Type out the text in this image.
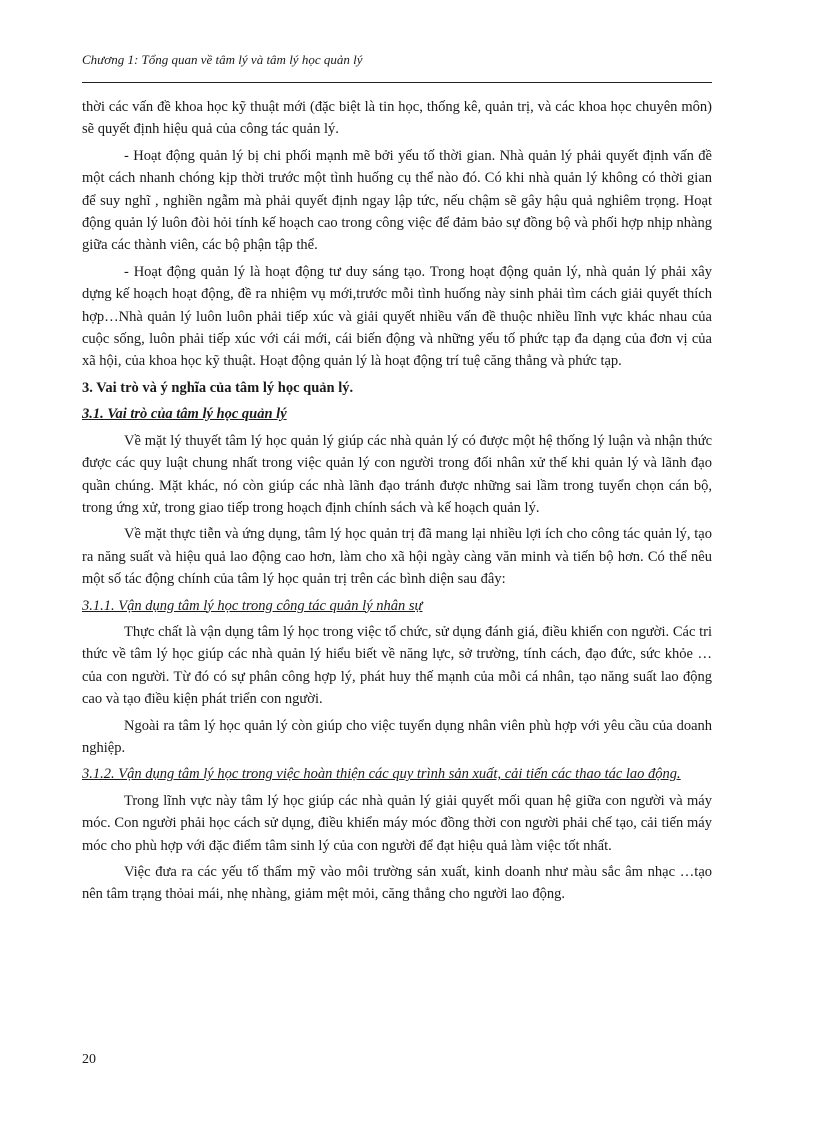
Chương 1: Tổng quan về tâm lý và tâm lý học quản lý

thời các vấn đề khoa học kỹ thuật mới (đặc biệt là tin học, thống kê, quản trị, và các khoa học chuyên môn) sẽ quyết định hiệu quả của công tác quản lý.

- Hoạt động quản lý bị chi phối mạnh mẽ bởi yếu tố thời gian. Nhà quản lý phải quyết định vấn đề một cách nhanh chóng kịp thời trước một tình huống cụ thể nào đó. Có khi nhà quản lý không có thời gian để suy nghĩ , nghiền ngẫm mà phải quyết định ngay lập tức, nếu chậm sẽ gây hậu quả nghiêm trọng. Hoạt động quản lý luôn đòi hỏi tính kế hoạch cao trong công việc để đảm bảo sự đồng bộ và phối hợp nhịp nhàng giữa các thành viên, các bộ phận tập thể.

- Hoạt động quản lý là hoạt động tư duy sáng tạo. Trong hoạt động quản lý, nhà quản lý phải xây dựng kế hoạch hoạt động, đề ra nhiệm vụ mới,trước mỗi tình huống này sinh phải tìm cách giải quyết thích hợp…Nhà quản lý luôn luôn phải tiếp xúc và giải quyết nhiều vấn đề thuộc nhiều lĩnh vực khác nhau của cuộc sống, luôn phải tiếp xúc với cái mới, cái biến động và những yếu tố phức tạp đa dạng của đơn vị của xã hội, của khoa học kỹ thuật. Hoạt động quản lý là hoạt động trí tuệ căng thẳng và phức tạp.

3. Vai trò và ý nghĩa của tâm lý học quản lý.

3.1. Vai trò của tâm lý học quản lý

Về mặt lý thuyết tâm lý học quản lý giúp các nhà quản lý có được một hệ thống lý luận và nhận thức được các quy luật chung nhất trong việc quản lý con người trong đối nhân xử thế khi quản lý và lãnh đạo quần chúng. Mặt khác, nó còn giúp các nhà lãnh đạo tránh được những sai lầm trong tuyển chọn cán bộ, trong ứng xử, trong giao tiếp trong hoạch định chính sách và kế hoạch quản lý.

Về mặt thực tiễn và ứng dụng, tâm lý học quản trị đã mang lại nhiều lợi ích cho công tác quản lý, tạo ra năng suất và hiệu quả lao động cao hơn, làm cho xã hội ngày càng văn minh và tiến bộ hơn. Có thể nêu một số tác động chính của tâm lý học quản trị trên các bình diện sau đây:

3.1.1. Vận dụng tâm lý học trong công tác quản lý nhân sự

Thực chất là vận dụng tâm lý học trong việc tổ chức, sử dụng đánh giá, điều khiển con người. Các tri thức về tâm lý học giúp các nhà quản lý hiểu biết về năng lực, sở trường, tính cách, đạo đức, sức khỏe … của con người. Từ đó có sự phân công hợp lý, phát huy thế mạnh của mỗi cá nhân, tạo năng suất lao động cao và tạo điều kiện phát triển con người.

Ngoài ra tâm lý học quản lý còn giúp cho việc tuyển dụng nhân viên phù hợp với yêu cầu của doanh nghiệp.

3.1.2. Vận dụng tâm lý học trong việc hoàn thiện các quy trình sản xuất, cải tiến các thao tác lao động.

Trong lĩnh vực này tâm lý học giúp các nhà quản lý giải quyết mối quan hệ giữa con người và máy móc. Con người phải học cách sử dụng, điều khiển máy móc đồng thời con người phải chế tạo, cải tiến máy móc cho phù hợp với đặc điểm tâm sinh lý của con người để đạt hiệu quả làm việc tốt nhất.

Việc đưa ra các yếu tố thẩm mỹ vào môi trường sản xuất, kinh doanh như màu sắc âm nhạc …tạo nên tâm trạng thỏai mái, nhẹ nhàng, giảm mệt mỏi, căng thẳng cho người lao động.

20
